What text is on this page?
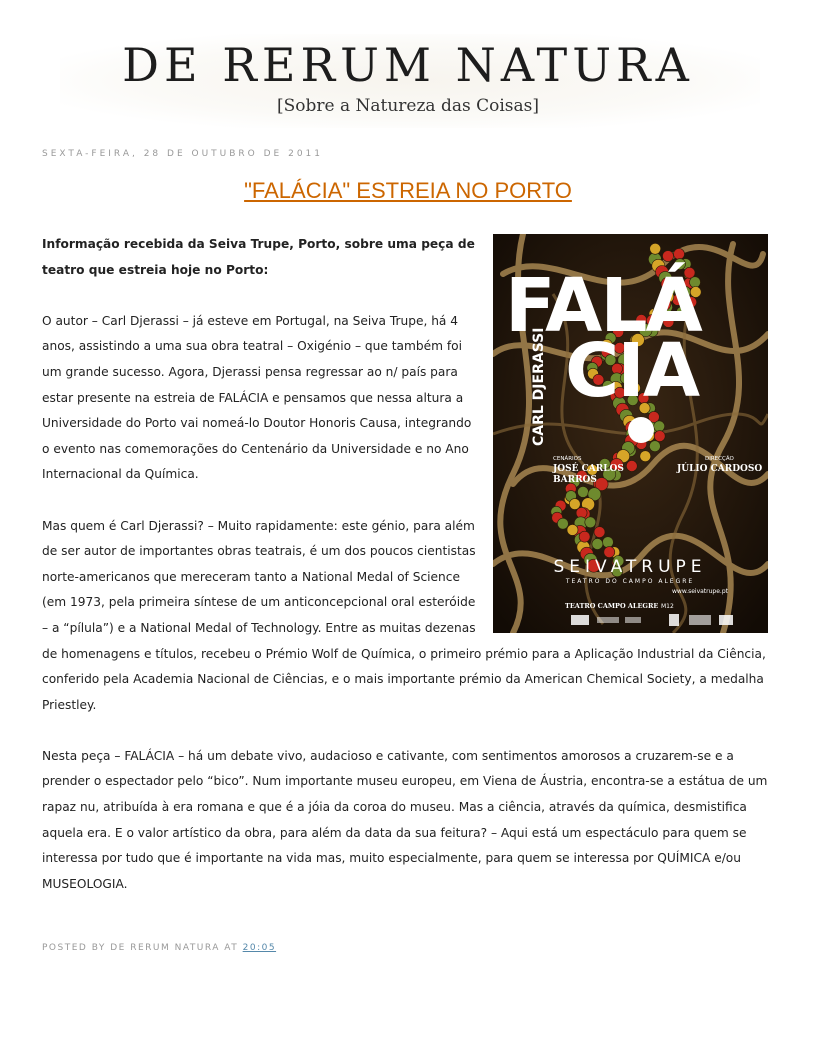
DE RERUM NATURA

[Sobre a Natureza das Coisas]

SEXTA-FEIRA, 28 DE OUTUBRO DE 2011
"FALÁCIA" ESTREIA NO PORTO
FALÁ
CIA
CARL DJERASSI
CENÁRIOS
JOSÉ CARLOS
BARROS
DIRECÇÃO
JÚLIO CARDOSO
SEIVATRUPE
TEATRO DO CAMPO ALEGRE
www.seivatrupe.pt
TEATRO CAMPO ALEGRE M12

Informação recebida da Seiva Trupe, Porto, sobre uma peça de teatro que estreia hoje no Porto:

O autor – Carl Djerassi – já esteve em Portugal, na Seiva Trupe, há 4 anos, assistindo a uma sua obra teatral – Oxigénio – que também foi um grande sucesso. Agora, Djerassi pensa regressar ao n/ país para estar presente na estreia de FALÁCIA e pensamos que nessa altura a Universidade do Porto vai nomeá-lo Doutor Honoris Causa, integrando o evento nas comemorações do Centenário da Universidade e no Ano Internacional da Química.

Mas quem é Carl Djerassi? – Muito rapidamente: este génio, para além de ser autor de importantes obras teatrais, é um dos poucos cientistas norte-americanos que mereceram tanto a National Medal of Science (em 1973, pela primeira síntese de um anticoncepcional oral esteróide – a “pílula”) e a National Medal of Technology. Entre as muitas dezenas de homenagens e títulos, recebeu o Prémio Wolf de Química, o primeiro prémio para a Aplicação Industrial da Ciência, conferido pela Academia Nacional de Ciências, e o mais importante prémio da American Chemical Society, a medalha Priestley.

Nesta peça – FALÁCIA – há um debate vivo, audacioso e cativante, com sentimentos amorosos a cruzarem-se e a prender o espectador pelo “bico”. Num importante museu europeu, em Viena de Áustria, encontra-se a estátua de um rapaz nu, atribuída à era romana e que é a jóia da coroa do museu. Mas a ciência, através da química, desmistifica aquela era. E o valor artístico da obra, para além da data da sua feitura? – Aqui está um espectáculo para quem se interessa por tudo que é importante na vida mas, muito especialmente, para quem se interessa por QUÍMICA e/ou MUSEOLOGIA.

POSTED BY DE RERUM NATURA AT 20:05
